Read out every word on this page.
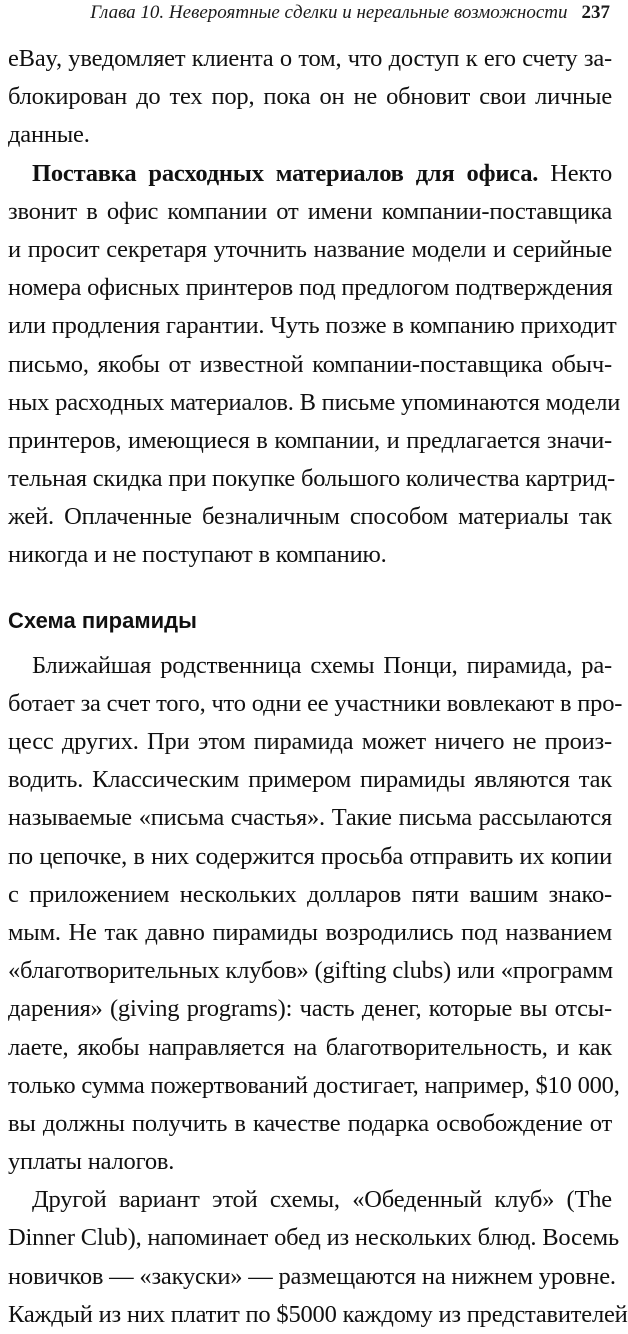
Глава 10. Невероятные сделки и нереальные возможности 237
eBay, уведомляет клиента о том, что доступ к его счету за-
блокирован до тех пор, пока он не обновит свои личные
данные.
Поставка расходных материалов для офиса. Некто
звонит в офис компании от имени компании-поставщика
и просит секретаря уточнить название модели и серийные
номера офисных принтеров под предлогом подтверждения
или продления гарантии. Чуть позже в компанию приходит
письмо, якобы от известной компании-поставщика обыч-
ных расходных материалов. В письме упоминаются модели
принтеров, имеющиеся в компании, и предлагается значи-
тельная скидка при покупке большого количества картрид-
жей. Оплаченные безналичным способом материалы так
никогда и не поступают в компанию.
Схема пирамиды
Ближайшая родственница схемы Понци, пирамида, ра-
ботает за счет того, что одни ее участники вовлекают в про-
цесс других. При этом пирамида может ничего не произ-
водить. Классическим примером пирамиды являются так
называемые «письма счастья». Такие письма рассылаются
по цепочке, в них содержится просьба отправить их копии
с приложением нескольких долларов пяти вашим знако-
мым. Не так давно пирамиды возродились под названием
«благотворительных клубов» (gifting clubs) или «программ
дарения» (giving programs): часть денег, которые вы отсы-
лаете, якобы направляется на благотворительность, и как
только сумма пожертвований достигает, например, $10 000,
вы должны получить в качестве подарка освобождение от
уплаты налогов.
Другой вариант этой схемы, «Обеденный клуб» (The
Dinner Club), напоминает обед из нескольких блюд. Восемь
новичков — «закуски» — размещаются на нижнем уровне.
Каждый из них платит по $5000 каждому из представителей
